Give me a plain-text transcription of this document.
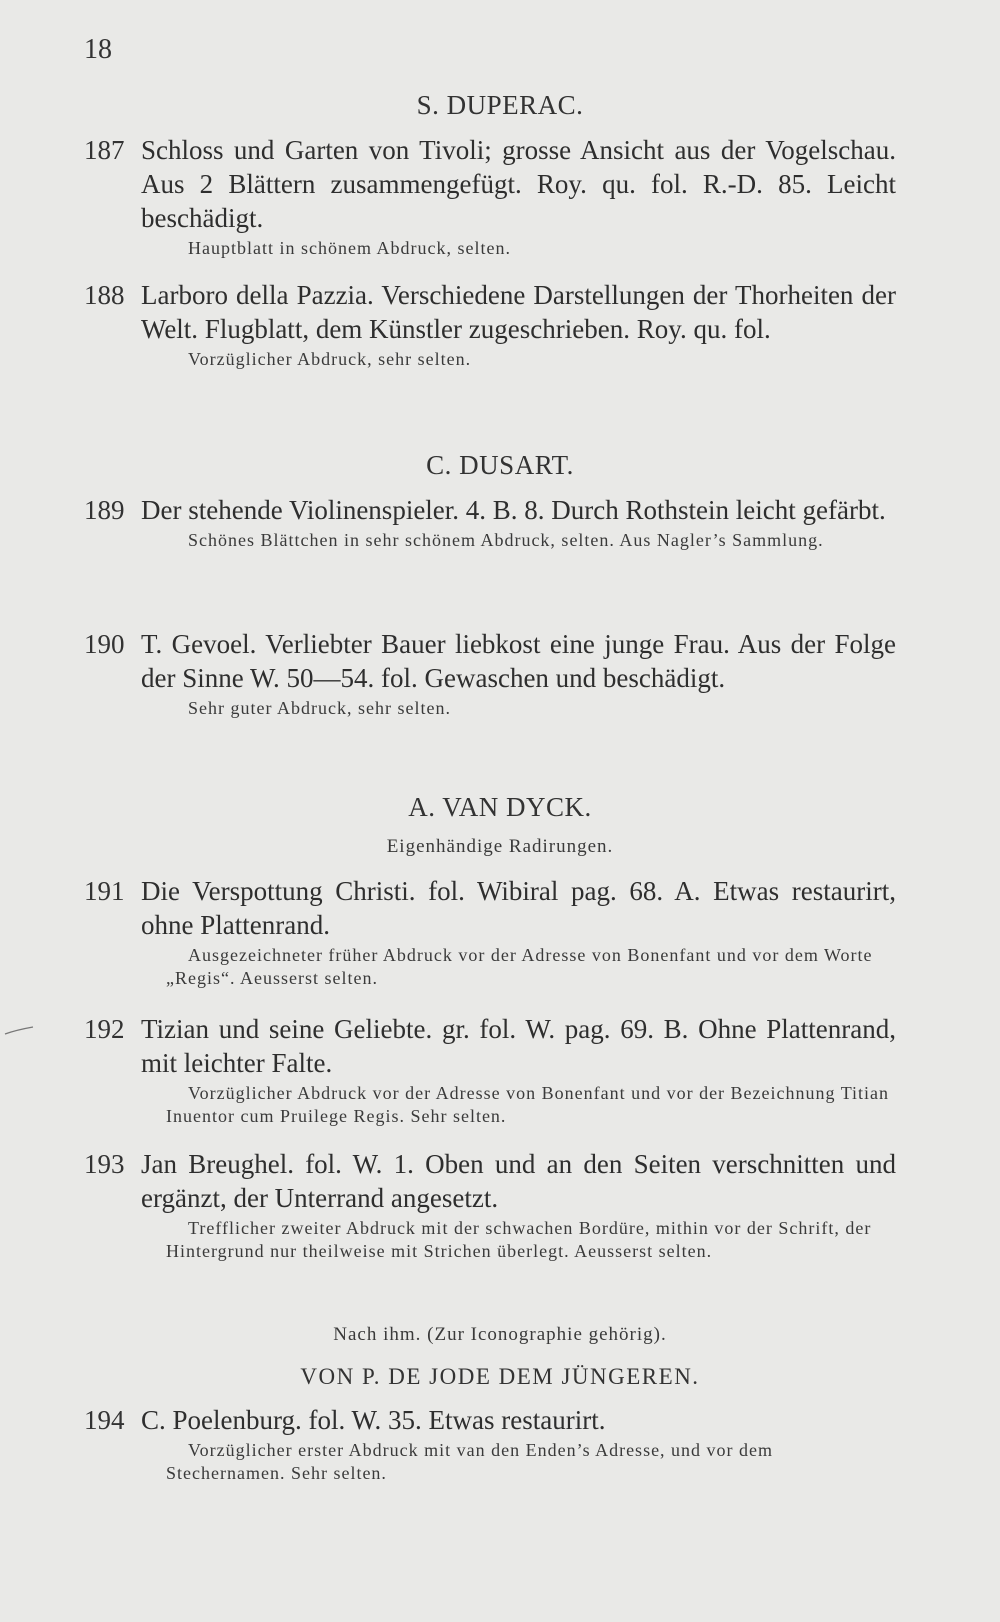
18
S. DUPERAC.
187 Schloss und Garten von Tivoli; grosse Ansicht aus der Vogelschau. Aus 2 Blättern zusammengefügt. Roy. qu. fol. R.-D. 85. Leicht beschädigt.
Hauptblatt in schönem Abdruck, selten.
188 Larboro della Pazzia. Verschiedene Darstellungen der Thorheiten der Welt. Flugblatt, dem Künstler zugeschrieben. Roy. qu. fol.
Vorzüglicher Abdruck, sehr selten.
C. DUSART.
189 Der stehende Violinenspieler. 4. B. 8. Durch Rothstein leicht gefärbt.
Schönes Blättchen in sehr schönem Abdruck, selten. Aus Nagler’s Sammlung.
190 T. Gevoel. Verliebter Bauer liebkost eine junge Frau. Aus der Folge der Sinne W. 50—54. fol. Gewaschen und beschädigt.
Sehr guter Abdruck, sehr selten.
A. VAN DYCK.
Eigenhändige Radirungen.
191 Die Verspottung Christi. fol. Wibiral pag. 68. A. Etwas restaurirt, ohne Plattenrand.
Ausgezeichneter früher Abdruck vor der Adresse von Bonenfant und vor dem Worte „Regis“. Aeusserst selten.
192 Tizian und seine Geliebte. gr. fol. W. pag. 69. B. Ohne Plattenrand, mit leichter Falte.
Vorzüglicher Abdruck vor der Adresse von Bonenfant und vor der Bezeichnung Titian Inuentor cum Pruilege Regis. Sehr selten.
193 Jan Breughel. fol. W. 1. Oben und an den Seiten verschnitten und ergänzt, der Unterrand angesetzt.
Trefflicher zweiter Abdruck mit der schwachen Bordüre, mithin vor der Schrift, der Hintergrund nur theilweise mit Strichen überlegt. Aeusserst selten.
Nach ihm. (Zur Iconographie gehörig).
VON P. DE JODE DEM JÜNGEREN.
194 C. Poelenburg. fol. W. 35. Etwas restaurirt.
Vorzüglicher erster Abdruck mit van den Enden’s Adresse, und vor dem Stechernamen. Sehr selten.
